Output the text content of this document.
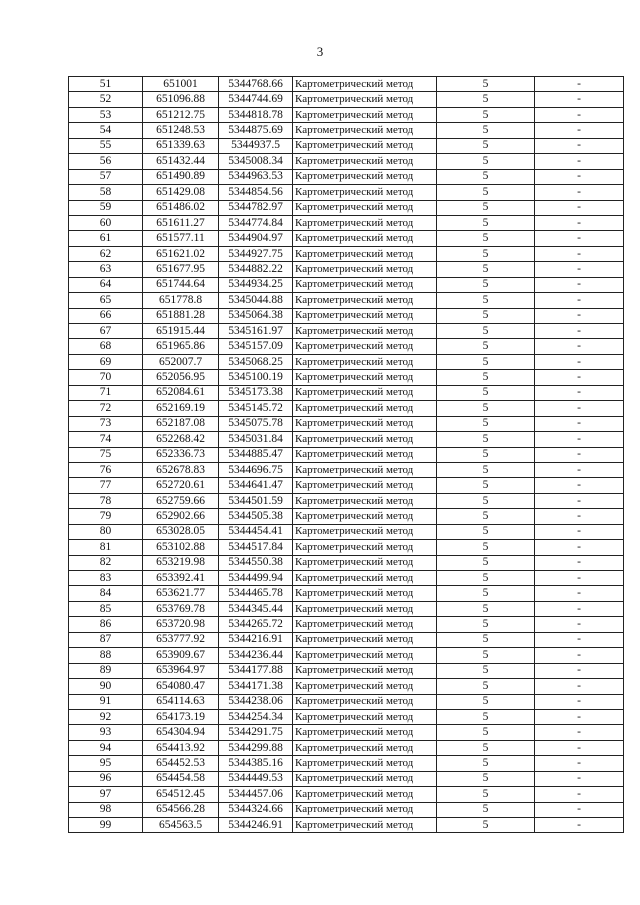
3
51	651001	5344768.66	Картометрический метод	5	-
52	651096.88	5344744.69	Картометрический метод	5	-
53	651212.75	5344818.78	Картометрический метод	5	-
54	651248.53	5344875.69	Картометрический метод	5	-
55	651339.63	5344937.5	Картометрический метод	5	-
56	651432.44	5345008.34	Картометрический метод	5	-
57	651490.89	5344963.53	Картометрический метод	5	-
58	651429.08	5344854.56	Картометрический метод	5	-
59	651486.02	5344782.97	Картометрический метод	5	-
60	651611.27	5344774.84	Картометрический метод	5	-
61	651577.11	5344904.97	Картометрический метод	5	-
62	651621.02	5344927.75	Картометрический метод	5	-
63	651677.95	5344882.22	Картометрический метод	5	-
64	651744.64	5344934.25	Картометрический метод	5	-
65	651778.8	5345044.88	Картометрический метод	5	-
66	651881.28	5345064.38	Картометрический метод	5	-
67	651915.44	5345161.97	Картометрический метод	5	-
68	651965.86	5345157.09	Картометрический метод	5	-
69	652007.7	5345068.25	Картометрический метод	5	-
70	652056.95	5345100.19	Картометрический метод	5	-
71	652084.61	5345173.38	Картометрический метод	5	-
72	652169.19	5345145.72	Картометрический метод	5	-
73	652187.08	5345075.78	Картометрический метод	5	-
74	652268.42	5345031.84	Картометрический метод	5	-
75	652336.73	5344885.47	Картометрический метод	5	-
76	652678.83	5344696.75	Картометрический метод	5	-
77	652720.61	5344641.47	Картометрический метод	5	-
78	652759.66	5344501.59	Картометрический метод	5	-
79	652902.66	5344505.38	Картометрический метод	5	-
80	653028.05	5344454.41	Картометрический метод	5	-
81	653102.88	5344517.84	Картометрический метод	5	-
82	653219.98	5344550.38	Картометрический метод	5	-
83	653392.41	5344499.94	Картометрический метод	5	-
84	653621.77	5344465.78	Картометрический метод	5	-
85	653769.78	5344345.44	Картометрический метод	5	-
86	653720.98	5344265.72	Картометрический метод	5	-
87	653777.92	5344216.91	Картометрический метод	5	-
88	653909.67	5344236.44	Картометрический метод	5	-
89	653964.97	5344177.88	Картометрический метод	5	-
90	654080.47	5344171.38	Картометрический метод	5	-
91	654114.63	5344238.06	Картометрический метод	5	-
92	654173.19	5344254.34	Картометрический метод	5	-
93	654304.94	5344291.75	Картометрический метод	5	-
94	654413.92	5344299.88	Картометрический метод	5	-
95	654452.53	5344385.16	Картометрический метод	5	-
96	654454.58	5344449.53	Картометрический метод	5	-
97	654512.45	5344457.06	Картометрический метод	5	-
98	654566.28	5344324.66	Картометрический метод	5	-
99	654563.5	5344246.91	Картометрический метод	5	-
